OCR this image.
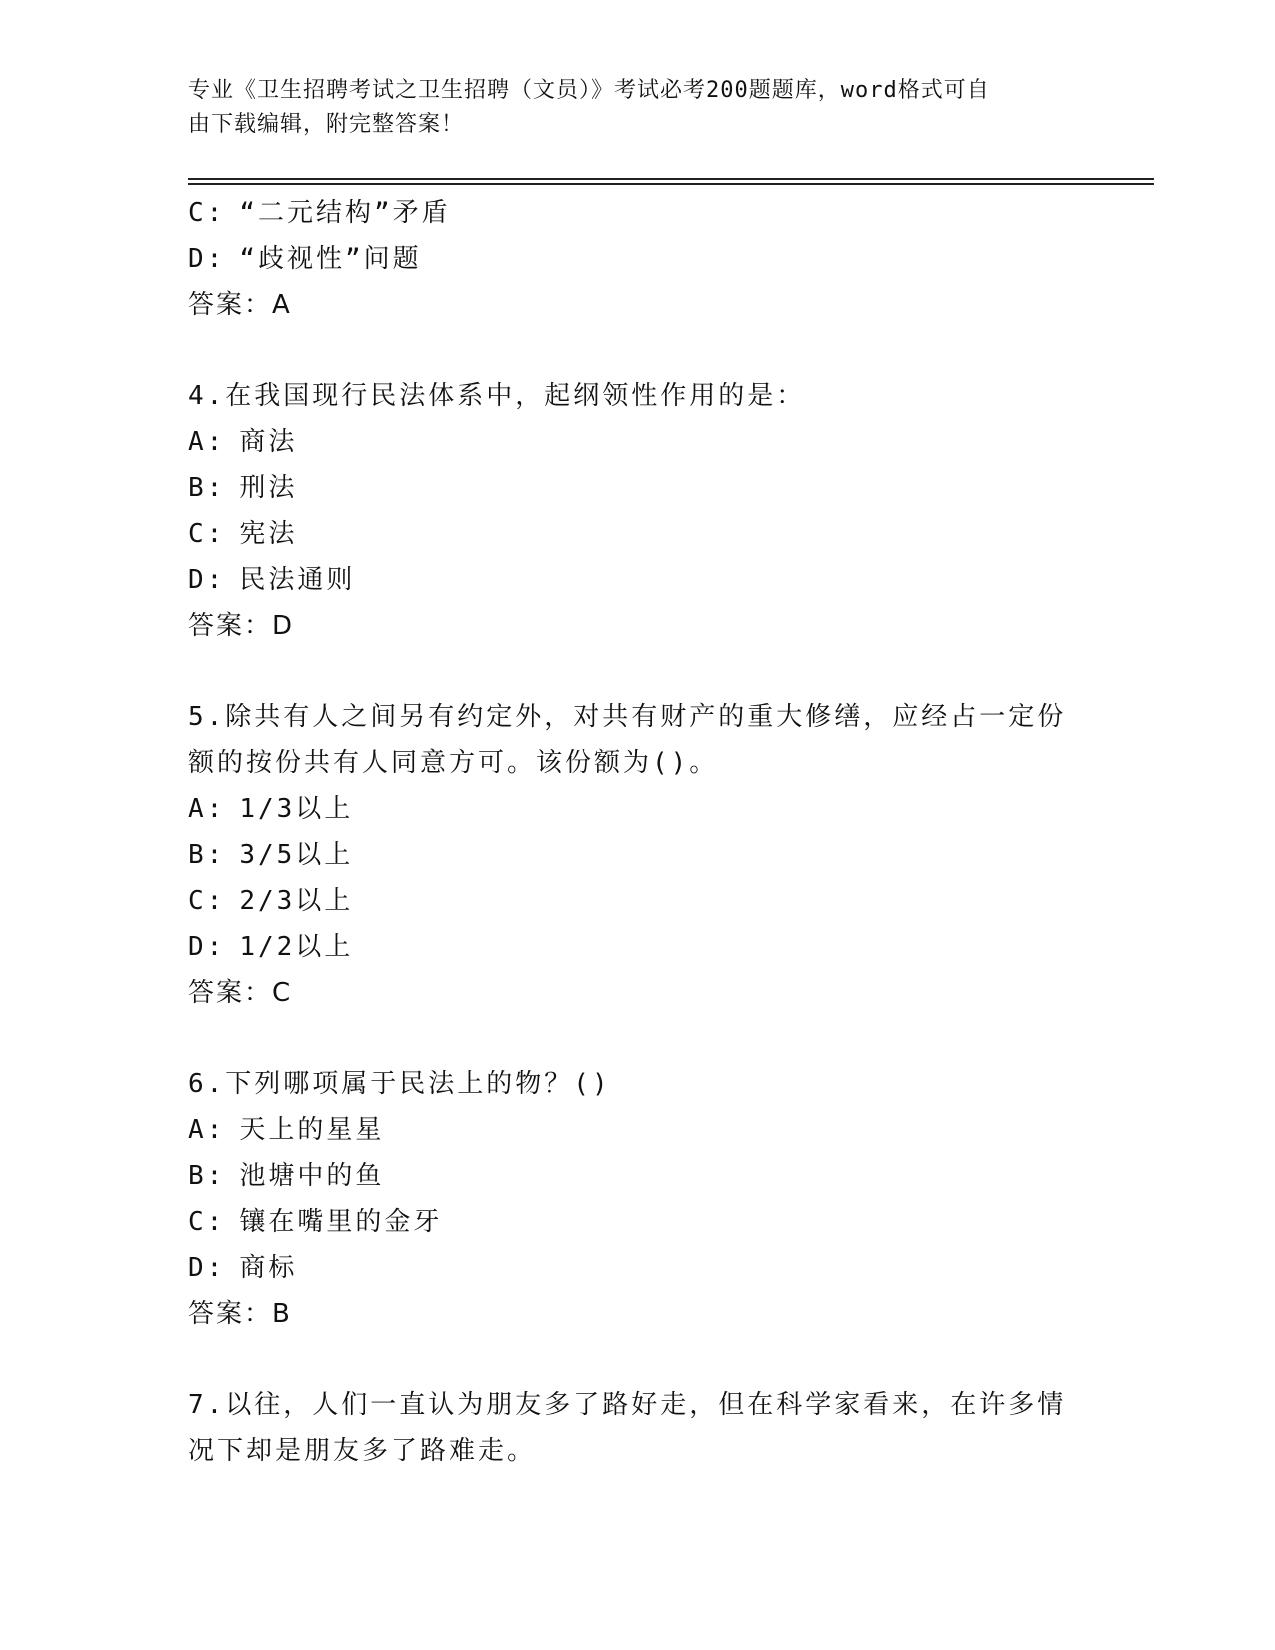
专业《卫生招聘考试之卫生招聘（文员）》考试必考200题题库，word格式可自
由下载编辑，附完整答案！
C: “二元结构”矛盾
D: “歧视性”问题
答案：A
4.在我国现行民法体系中，起纲领性作用的是：
A: 商法
B: 刑法
C: 宪法
D: 民法通则
答案：D
5.除共有人之间另有约定外，对共有财产的重大修缮，应经占一定份
额的按份共有人同意方可。该份额为()。
A: 1/3以上
B: 3/5以上
C: 2/3以上
D: 1/2以上
答案：C
6.下列哪项属于民法上的物？()
A: 天上的星星
B: 池塘中的鱼
C: 镶在嘴里的金牙
D: 商标
答案：B
7.以往，人们一直认为朋友多了路好走，但在科学家看来，在许多情
况下却是朋友多了路难走。
